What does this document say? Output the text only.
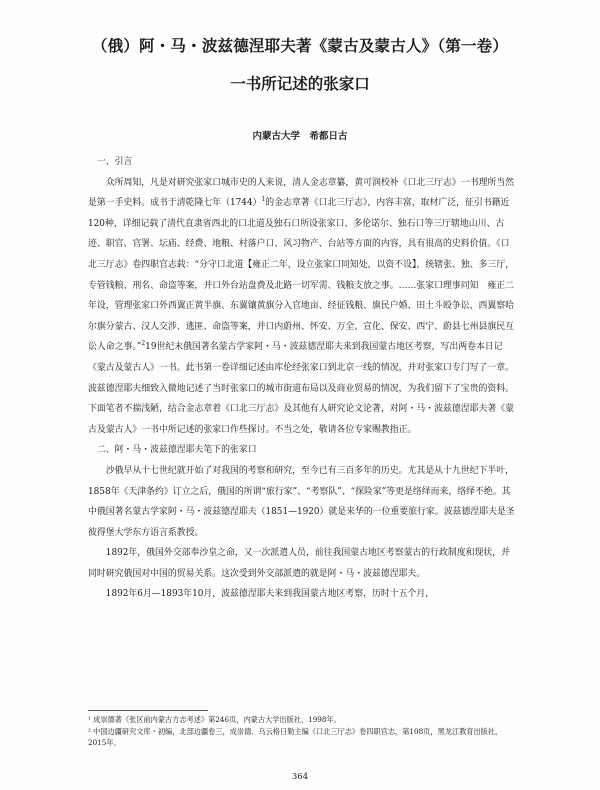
（俄）阿・马・波兹德涅耶夫著《蒙古及蒙古人》（第一卷）
一书所记述的张家口
内蒙古大学　希都日古

一、引言

众所周知，凡是对研究张家口城市史的人来说，清人金志章纂，黄可润校补《口北三厅志》一书理所当然是第一手史料。成书于清乾隆七年$(1744)^1$的金志章著《口北三厅志》，内容丰富，取材广泛，征引书籍近120种，详细记载了清代直隶省西北的口北道及独石口所设张家口、多伦诺尔、独石口等三厅辖地山川、古迹、职官、官署、坛庙、经费、地粮、村落户口、风习物产、台站等方面的内容，具有很高的史料价值。《口北三厅志》卷四职官志载：“分守口北道【雍正二年，设立张家口同知处，以资不设】，统辖张、独、多三厅，专管钱粮、刑名、命盗等案，并口外台站盘费及北路一切军需、钱粮支放之事。……张家口理事同知　雍正二年设，管理张家口外西翼正黄半旗、东翼镶黄旗分入官地亩、经征钱粮、旗民户婚、田土斗殴争讼，西翼察哈尔旗分蒙古、汉人交涉、逃匪、命盗等案，并口内蔚州、怀安、万全、宣化、保安、西宁、蔚县七州县旗民互讼人命之事。”$^2$19世纪末俄国著名蒙古学家阿・马・波兹德涅耶夫来到我国蒙古地区考察，写出两卷本日记《蒙古及蒙古人》一书。此书第一卷详细记述由库伦经张家口到北京一线的情况，并对张家口专门写了一章。波兹德涅耶夫细致入微地记述了当时张家口的城市街道布局以及商业贸易的情况，为我们留下了宝贵的资料。下面笔者不揣浅陋，结合金志章着《口北三厅志》及其他有人研究论文论著，对阿・马・波兹德涅耶夫著《蒙古及蒙古人》一书中所记述的张家口作些探讨。不当之处，敬请各位专家赐教指正。

二、阿・马・波兹德涅耶夫笔下的张家口

沙俄早从十七世纪就开始了对我国的考察和研究，至今已有三百多年的历史。尤其是从十九世纪下半叶，1858年《天津条约》订立之后，俄国的所谓“旅行家”、“考察队”、“探险家”等更是络绎而来，络绎不绝。其中俄国著名蒙古学家阿・马・波兹德涅耶夫（1851—1920）就是来华的一位重要旅行家。波兹德涅耶夫是圣彼得堡大学东方语言系教授。

1892年，俄国外交部奉沙皇之命，又一次派遣人员，前往我国蒙古地区考察蒙古的行政制度和现状，并同时研究俄国对中国的贸易关系。这次受到外交部派遣的就是阿・马・波兹德涅耶夫。

1892年6月—1893年10月，波兹德涅耶夫来到我国蒙古地区考察，历时十五个月，

¹ 成崇德著《张区前内蒙古方志考述》第246页，内蒙古大学出版社，1998年。

² 中国边疆研究文库・初编，北部边疆卷三，成崇德、乌云格日勒主编《口北三厅志》卷四职官志，第108页，黑龙江教育出版社，2015年。

364
